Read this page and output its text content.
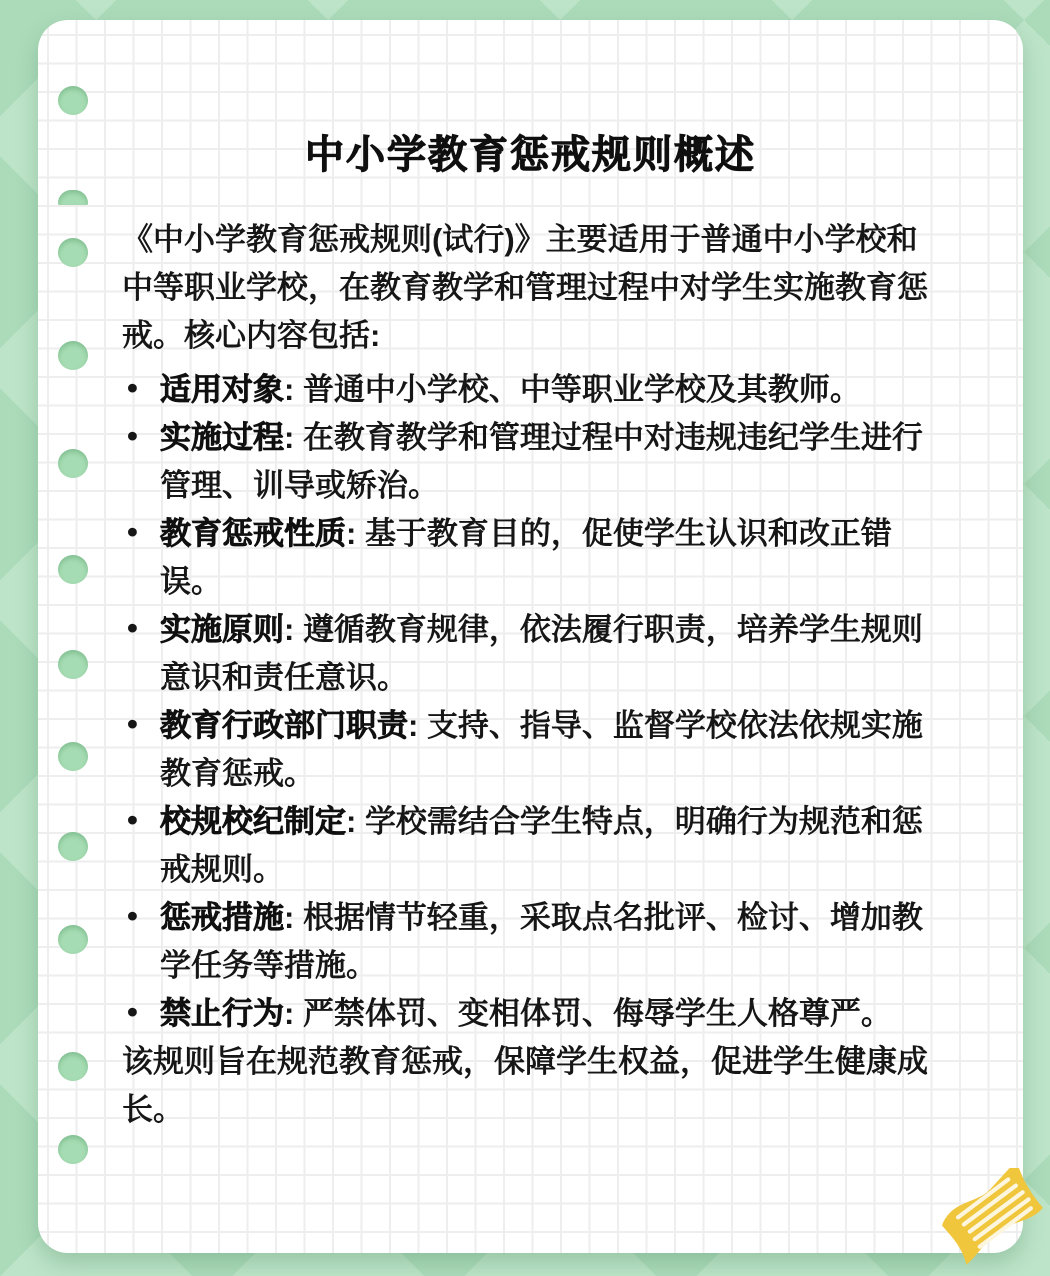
中小学教育惩戒规则概述

《中小学教育惩戒规则(试行)》主要适用于普通中小学校和中等职业学校，在教育教学和管理过程中对学生实施教育惩戒。核心内容包括:

• 适用对象: 普通中小学校、中等职业学校及其教师。
• 实施过程: 在教育教学和管理过程中对违规违纪学生进行管理、训导或矫治。
• 教育惩戒性质: 基于教育目的，促使学生认识和改正错误。
• 实施原则: 遵循教育规律，依法履行职责，培养学生规则意识和责任意识。
• 教育行政部门职责: 支持、指导、监督学校依法依规实施教育惩戒。
• 校规校纪制定: 学校需结合学生特点，明确行为规范和惩戒规则。
• 惩戒措施: 根据情节轻重，采取点名批评、检讨、增加教学任务等措施。
• 禁止行为: 严禁体罚、变相体罚、侮辱学生人格尊严。

该规则旨在规范教育惩戒，保障学生权益，促进学生健康成长。
